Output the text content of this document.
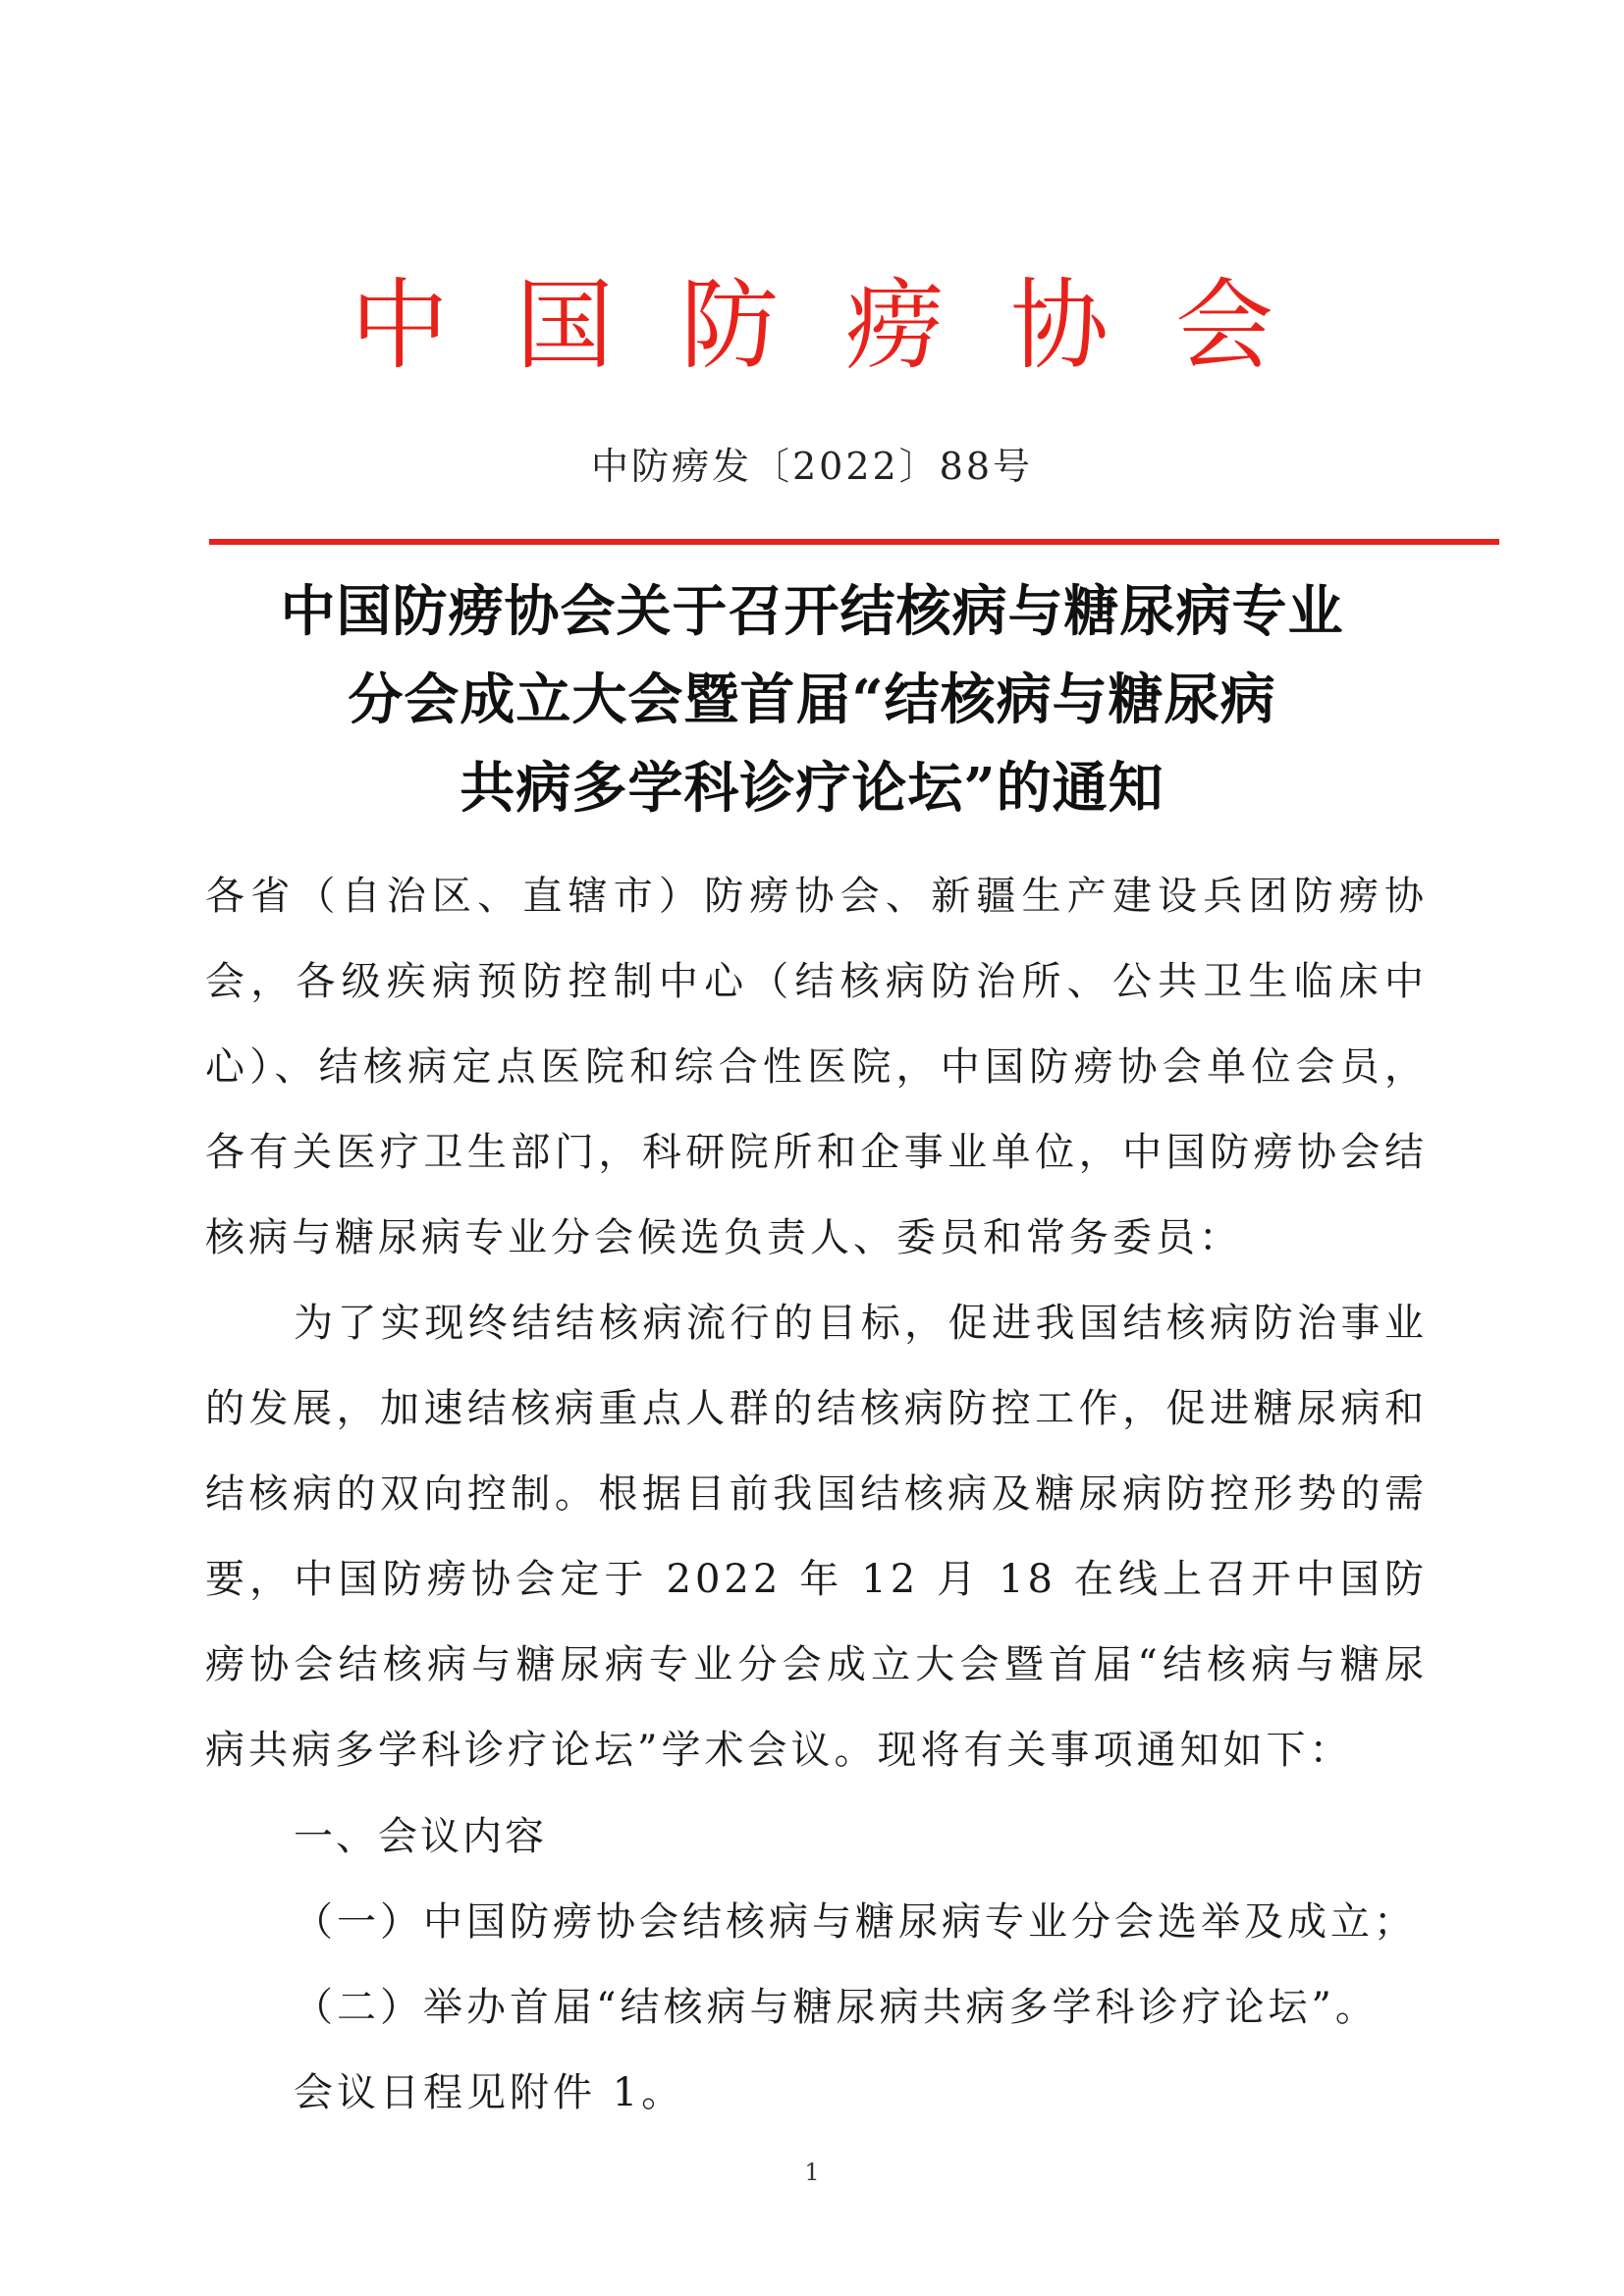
中国防痨协会
中防痨发〔2022〕88号
中国防痨协会关于召开结核病与糖尿病专业
分会成立大会暨首届“结核病与糖尿病
共病多学科诊疗论坛”的通知
各省（自治区、直辖市）防痨协会、新疆生产建设兵团防痨协会，各级疾病预防控制中心（结核病防治所、公共卫生临床中心）、结核病定点医院和综合性医院，中国防痨协会单位会员，各有关医疗卫生部门，科研院所和企事业单位，中国防痨协会结核病与糖尿病专业分会候选负责人、委员和常务委员：
为了实现终结结核病流行的目标，促进我国结核病防治事业的发展，加速结核病重点人群的结核病防控工作，促进糖尿病和结核病的双向控制。根据目前我国结核病及糖尿病防控形势的需要，中国防痨协会定于 2022 年 12 月 18 在线上召开中国防痨协会结核病与糖尿病专业分会成立大会暨首届“结核病与糖尿病共病多学科诊疗论坛”学术会议。现将有关事项通知如下：
一、会议内容
（一）中国防痨协会结核病与糖尿病专业分会选举及成立；
（二）举办首届“结核病与糖尿病共病多学科诊疗论坛”。
会议日程见附件 1。
1
